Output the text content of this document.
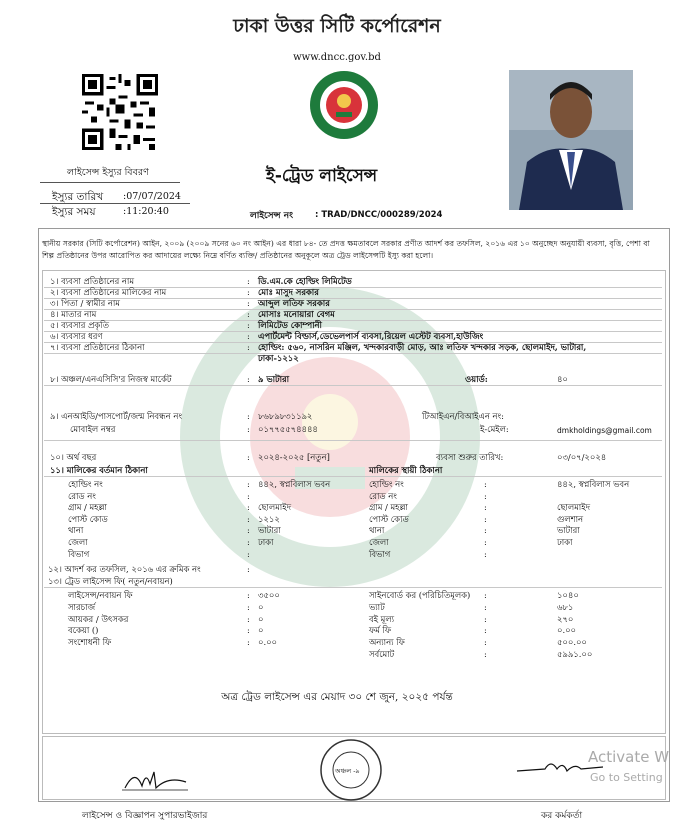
ঢাকা উত্তর সিটি কর্পোরেশন
www.dncc.gov.bd
লাইসেন্স ইস্যুর বিবরণ
ইস্যুর তারিখ :07/07/2024
ইস্যুর সময়	:11:20:40
ই-ট্রেড লাইসেন্স
লাইসেন্স নং	: TRAD/DNCC/000289/2024
স্থানীয় সরকার (সিটি কর্পোরেশন) আইন, ২০০৯ (২০০৯ সনের ৬০ নং আইন) এর ধারা ৮৪- তে প্রদত্ত ক্ষমতাবলে সরকার প্রণীত আদর্শ কর তফসিল, ২০১৬ এর ১০ অনুচ্ছেদ অনুযায়ী ব্যবসা, বৃত্তি, পেশা বা শিল্প প্রতিষ্ঠানের উপর আরোপিত কর আদায়ের লক্ষ্যে নিম্নে বর্ণিত ব্যক্তি/ প্রতিষ্ঠানের অনুকূলে অত্র ট্রেড লাইসেন্সটি ইস্যু করা হলো।
১। ব্যবসা প্রতিষ্ঠানের নাম	: ডি.এম.কে হোল্ডিং লিমিটেড
২। ব্যবসা প্রতিষ্ঠানের মালিকের নাম	: মোঃ মাসুদ সরকার
৩। পিতা / স্বামীর নাম	: আব্দুল লতিফ সরকার
৪। মাতার নাম	: মোসাঃ মনোয়ারা বেগম
৫। ব্যবসার প্রকৃতি	: লিমিটেড কোম্পানী
৬। ব্যবসার ধরণ	: এপার্টমেন্ট বিল্ডার্স,ডেভেলপার্স ব্যবসা,রিয়েল এস্টেট ব্যবসা,হাউজিং
৭। ব্যবসা প্রতিষ্ঠানের ঠিকানা	: হোল্ডিং: ৫৬০, নাসরিন মঞ্জিল, খন্দকারবাড়ী মোড়, আঃ লতিফ খন্দকার সড়ক, ছোলমাইদ, ভাটারা,
ঢাকা-১২১২
৮। অঞ্চল/এনএসিসি'র নিজস্ব মার্কেট	: ৯ ভাটারা	ওয়ার্ড:	৪০
৯। এনআইডি/পাসপোর্ট/জন্ম নিবন্ধন নং	: ৮৬৮৯৮৩১১৯২	টিআইএন/বিআইএন নং:
মোবাইল নম্বর	: ০১৭৭৫৫৭৪৪৪৪	ই-মেইল:	dmkholdings@gmail.com
১০। অর্থ বছর	: ২০২৪-২০২৫ [নতুন]	ব্যবসা শুরুর তারিখ:	০৩/০৭/২০২৪
১১। মালিকের বর্তমান ঠিকানা	মালিকের স্থায়ী ঠিকানা
হোল্ডিং নং	: ৪৪২, স্বপ্নবিলাস ভবন	হোল্ডিং নং	:	৪৪২, স্বপ্নবিলাস ভবন
রোড নং	:	রোড নং	:
গ্রাম / মহল্লা	: ছোলমাইদ	গ্রাম / মহল্লা	:	ছোলমাইদ
পোস্ট কোড	: ১২১২	পোস্ট কোড	:	গুলশান
থানা	: ভাটারা	থানা	:	ভাটারা
জেলা	: ঢাকা	জেলা	:	ঢাকা
বিভাগ	:	বিভাগ	:
১২। আদর্শ কর তফসিল, ২০১৬ এর ক্রমিক নং	:
১৩। ট্রেড লাইসেন্স ফি( নতুন/নবায়ন)
লাইসেন্স/নবায়ন ফি	: ৩৫০০	সাইনবোর্ড কর (পরিচিতিমূলক) :	১০৪০
সারচার্জ	: ০	ভ্যাট	:	৬৮১
আয়কর / উৎসকর	: ০	বই মূল্য	:	২৭০
বকেয়া ()	: ০	ফর্ম ফি	:	০.০০
সংশোধনী ফি	: ০.০০	অন্যান্য ফি	:	৫০০.০০
সর্বমোট	:	৫৯৯১.০০
অত্র ট্রেড লাইসেন্স এর মেয়াদ ৩০ শে জুন, ২০২৫ পর্যন্ত
লাইসেন্স ও বিজ্ঞাপন সুপারভাইজার
অঞ্চল -৯
কর কর্মকর্তা
Activate W
Go to Setting
